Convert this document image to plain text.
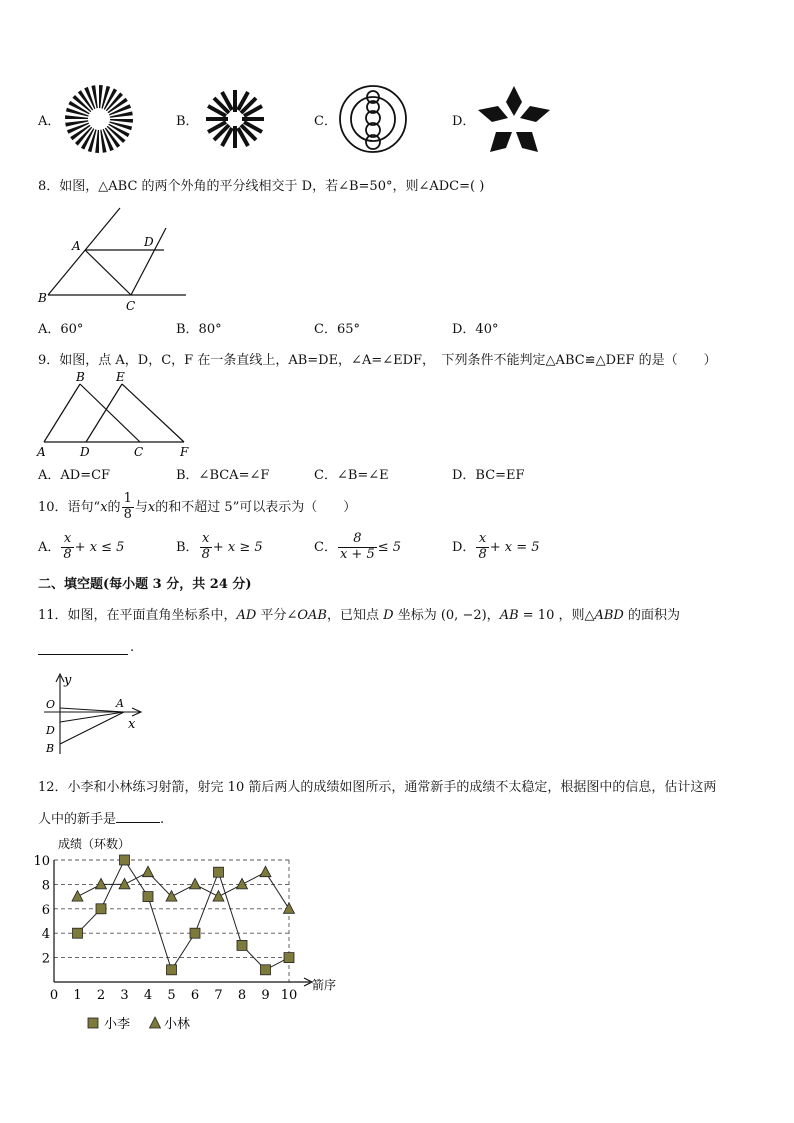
A．	B．	C．	D．
8．如图，△ABC 的两个外角的平分线相交于 D，若∠B=50°，则∠ADC=( )
A	D
B
C
A．60°	B．80°	C．65°	D．40°
9．如图，点 A，D，C，F 在一条直线上，AB=DE，∠A=∠EDF，　下列条件不能判定△ABC≌△DEF 的是（　　）
B	E
A	D	C	F
A．AD=CF	B．∠BCA=∠F	C．∠B=∠E	D．BC=EF
10．语句“x的 $\frac{1}{8}$ 与x的和不超过 5”可以表示为（　　）
A． $\frac{x}{8} + x \le 5$	B． $\frac{x}{8} + x \ge 5$	C． $\frac{8}{x + 5} \le 5$	D． $\frac{x}{8} + x = 5$
二、填空题(每小题 3 分，共 24 分)
11．如图，在平面直角坐标系中，AD 平分∠OAB，已知点 D 坐标为 (0, −2)，AB = 10 ，则△ABD 的面积为
.
y
x
O	A
D
B
12．小李和小林练习射箭，射完 10 箭后两人的成绩如图所示，通常新手的成绩不太稳定，根据图中的信息，估计这两
人中的新手是	.
成绩（环数）
箭序
0 1 2 3 4 5 6 7 8 9 10
2
4
6
8
10
小李	小林
